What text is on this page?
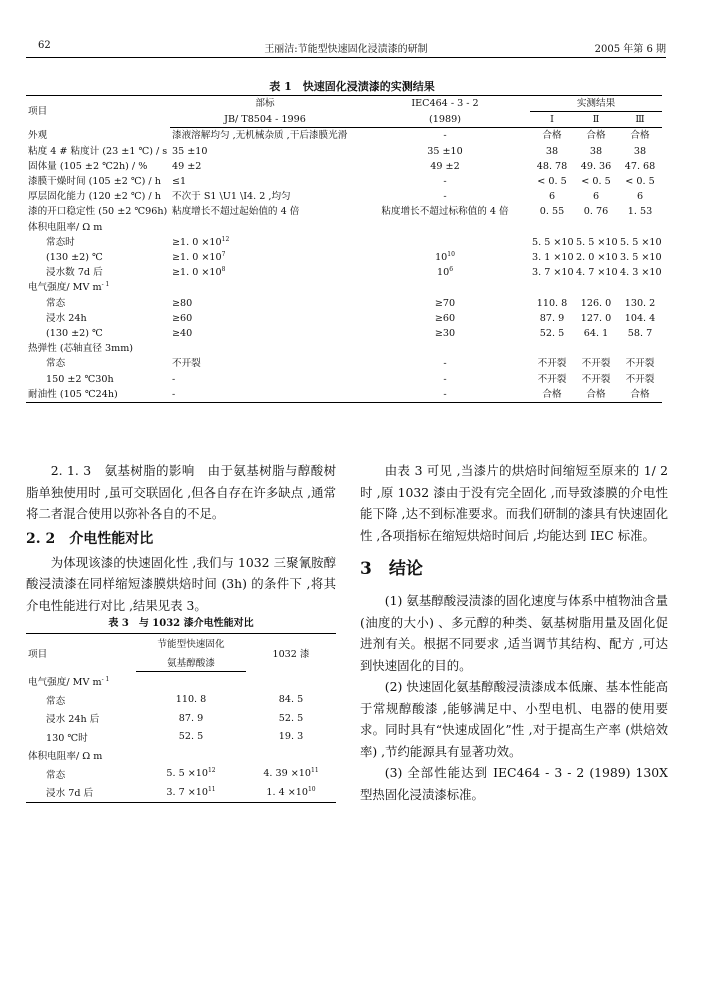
62	王丽洁:节能型快速固化浸渍漆的研制	2005 年第 6 期
表 1　快速固化浸渍漆的实测结果
项目	部标	IEC464 - 3 - 2	实测结果		
	JB/ T8504 - 1996	(1989)	Ⅰ	Ⅱ	Ⅲ
外观	漆液溶解均匀 ,无机械杂质 ,干后漆膜光滑	-	合格	合格	合格
粘度 4 # 粘度计 (23 ±1 ℃) / s	35 ±10	35 ±10	38	38	38
固体量 (105 ±2 ℃2h) / %	49 ±2	49 ±2	48. 78	49. 36	47. 68
漆膜干燥时间 (105 ±2 ℃) / h	≤1	-	< 0. 5	< 0. 5	< 0. 5
厚层固化能力 (120 ±2 ℃) / h	不次于 S1 \U1 \I4. 2 ,均匀	-	6	6	6
漆的开口稳定性 (50 ±2 ℃96h)	粘度增长不超过起始值的 4 倍	粘度增长不超过标称值的 4 倍	0. 55	0. 76	1. 53
体积电阻率/ Ω m					
常态时	≥1. $0 \times 10^{12}$		5. 5 ×10	5. 5 ×10	5. 5 ×10
(130 ±2) ℃	≥1. $0 \times 10^7$	$10^{10}$	3. 1 ×10	2. 0 ×10	3. 5 ×10
浸水数 7d 后	≥1. $0 \times 10^8$	$10^6$	3. 7 ×10	4. 7 ×10	4. 3 ×10
电气强度/ MV $m^{- 1}$					
常态	≥80	≥70	110. 8	126. 0	130. 2
浸水 24h	≥60	≥60	87. 9	127. 0	104. 4
(130 ±2) ℃	≥40	≥30	52. 5	64. 1	58. 7
热弹性 (芯轴直径 3mm)					
常态	不开裂	-	不开裂	不开裂	不开裂
150 ±2 ℃30h	-	-	不开裂	不开裂	不开裂
耐油性 (105 ℃24h)	-	-	合格	合格	合格

2. 1. 3　氨基树脂的影响　由于氨基树脂与醇酸树脂单独使用时 ,虽可交联固化 ,但各自存在许多缺点 ,通常将二者混合使用以弥补各自的不足。

2. 2　介电性能对比

为体现该漆的快速固化性 ,我们与 1032 三聚氰胺醇酸浸渍漆在同样缩短漆膜烘焙时间 (3h) 的条件下 ,将其介电性能进行对比 ,结果见表 3。

表 3　与 1032 漆介电性能对比
项目	节能型快速固化	1032 漆
	氨基醇酸漆	
电气强度/ MV $m^{- 1}$		
常态	110. 8	84. 5
浸水 24h 后	87. 9	52. 5
130 ℃时	52. 5	19. 3
体积电阻率/ Ω m		
常态	5. $5 \times 10^{12}$	4. $39 \times 10^{11}$
浸水 7d 后	3. $7 \times 10^{11}$	1. $4 \times 10^{10}$

由表 3 可见 ,当漆片的烘焙时间缩短至原来的 1/ 2 时 ,原 1032 漆由于没有完全固化 ,而导致漆膜的介电性能下降 ,达不到标准要求。而我们研制的漆具有快速固化性 ,各项指标在缩短烘焙时间后 ,均能达到 IEC 标准。

3　结论

(1) 氨基醇酸浸渍漆的固化速度与体系中植物油含量 (油度的大小) 、多元醇的种类、氨基树脂用量及固化促进剂有关。根据不同要求 ,适当调节其结构、配方 ,可达到快速固化的目的。

(2) 快速固化氨基醇酸浸渍漆成本低廉、基本性能高于常规醇酸漆 ,能够满足中、小型电机、电器的使用要求。同时具有“快速成固化”性 ,对于提高生产率 (烘焙效率) ,节约能源具有显著功效。

(3) 全部性能达到 IEC464 - 3 - 2 (1989) 130X 型热固化浸渍漆标准。
